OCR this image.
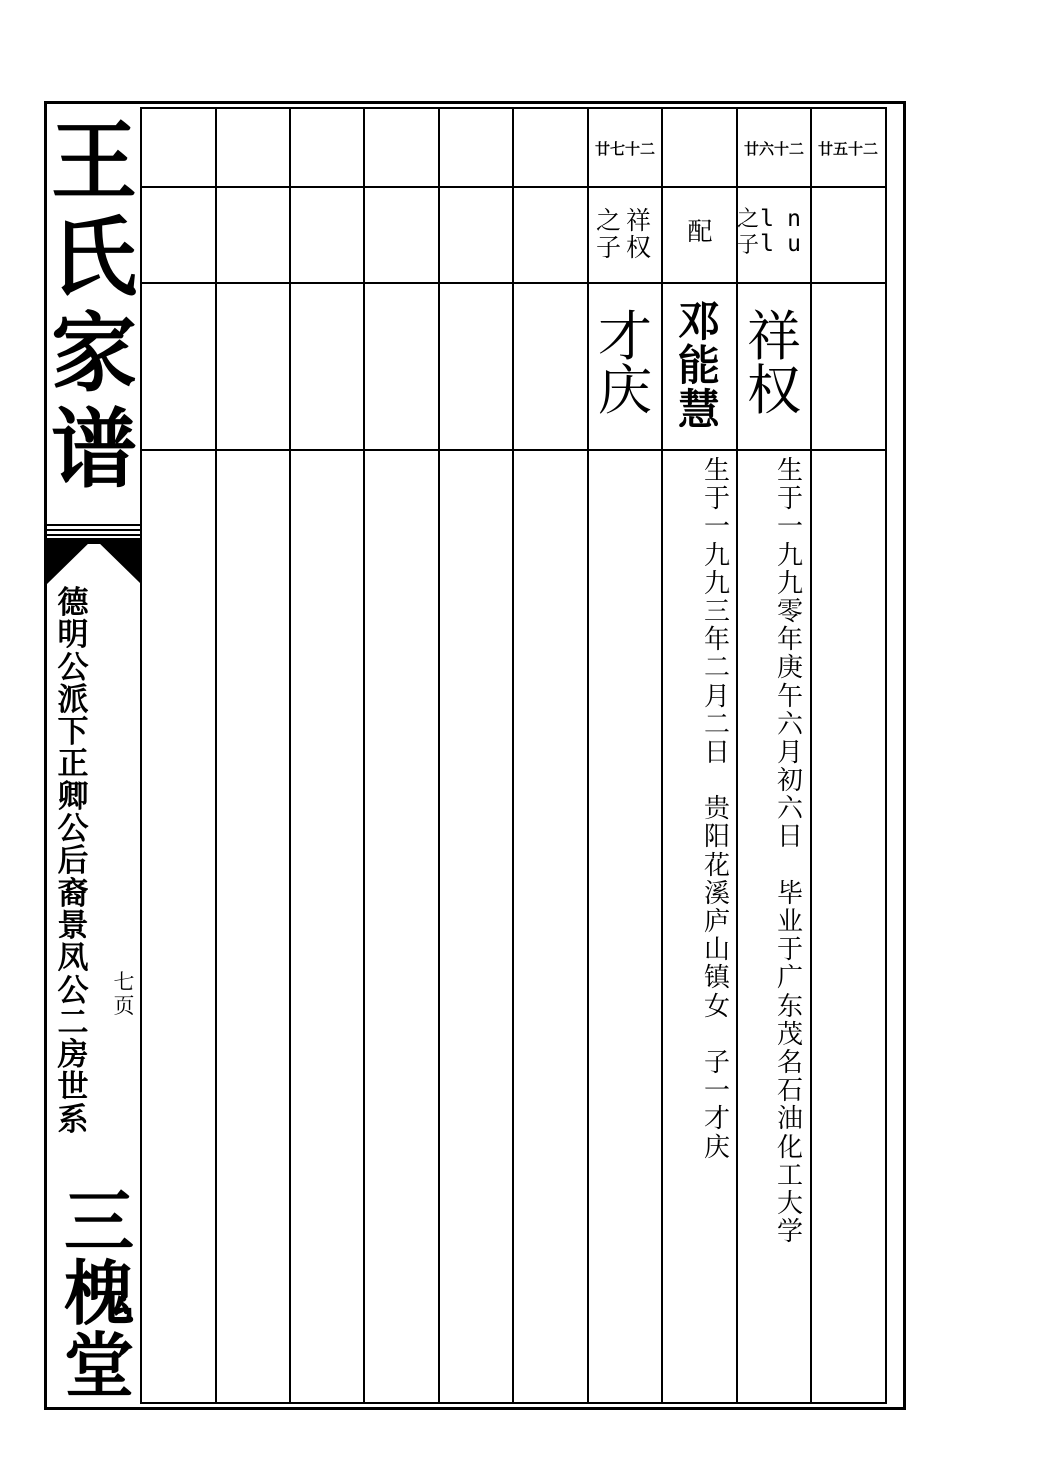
王
氏
家
谱
德
明
公
派
下
正
卿
公
后
裔
景
凤
公
二
房
世
系
七
页
三
槐
堂
廿七十二	廿六十二 廿五十二
之
子
祥
权
配	之
子
l
l
n
u
才
庆
邓
能
慧
祥
权
生
于
一
九
九
三
年
二
月
二
日

贵
阳
花
溪
庐
山
镇
女

子
一
才
庆
生
于
一
九
九
零
年
庚
午
六
月
初
六
日

毕
业
于
广
东
茂
名
石
油
化
工
大
学
